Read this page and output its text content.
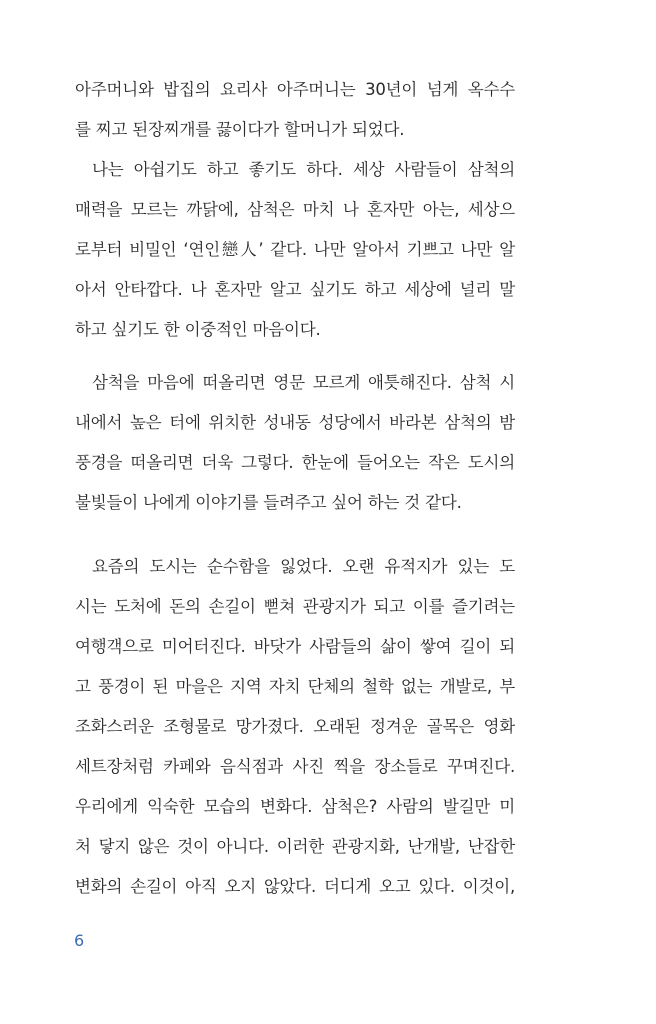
아주머니와 밥집의 요리사 아주머니는 30년이 넘게 옥수수
를 찌고 된장찌개를 끓이다가 할머니가 되었다.
나는 아쉽기도 하고 좋기도 하다. 세상 사람들이 삼척의
매력을 모르는 까닭에, 삼척은 마치 나 혼자만 아는, 세상으
로부터 비밀인 ‘연인戀人’ 같다. 나만 알아서 기쁘고 나만 알
아서 안타깝다. 나 혼자만 알고 싶기도 하고 세상에 널리 말
하고 싶기도 한 이중적인 마음이다.
삼척을 마음에 떠올리면 영문 모르게 애틋해진다. 삼척 시
내에서 높은 터에 위치한 성내동 성당에서 바라본 삼척의 밤
풍경을 떠올리면 더욱 그렇다. 한눈에 들어오는 작은 도시의
불빛들이 나에게 이야기를 들려주고 싶어 하는 것 같다.
요즘의 도시는 순수함을 잃었다. 오랜 유적지가 있는 도
시는 도처에 돈의 손길이 뻗쳐 관광지가 되고 이를 즐기려는
여행객으로 미어터진다. 바닷가 사람들의 삶이 쌓여 길이 되
고 풍경이 된 마을은 지역 자치 단체의 철학 없는 개발로, 부
조화스러운 조형물로 망가졌다. 오래된 정겨운 골목은 영화
세트장처럼 카페와 음식점과 사진 찍을 장소들로 꾸며진다.
우리에게 익숙한 모습의 변화다. 삼척은? 사람의 발길만 미
처 닿지 않은 것이 아니다. 이러한 관광지화, 난개발, 난잡한
변화의 손길이 아직 오지 않았다. 더디게 오고 있다. 이것이,
6
